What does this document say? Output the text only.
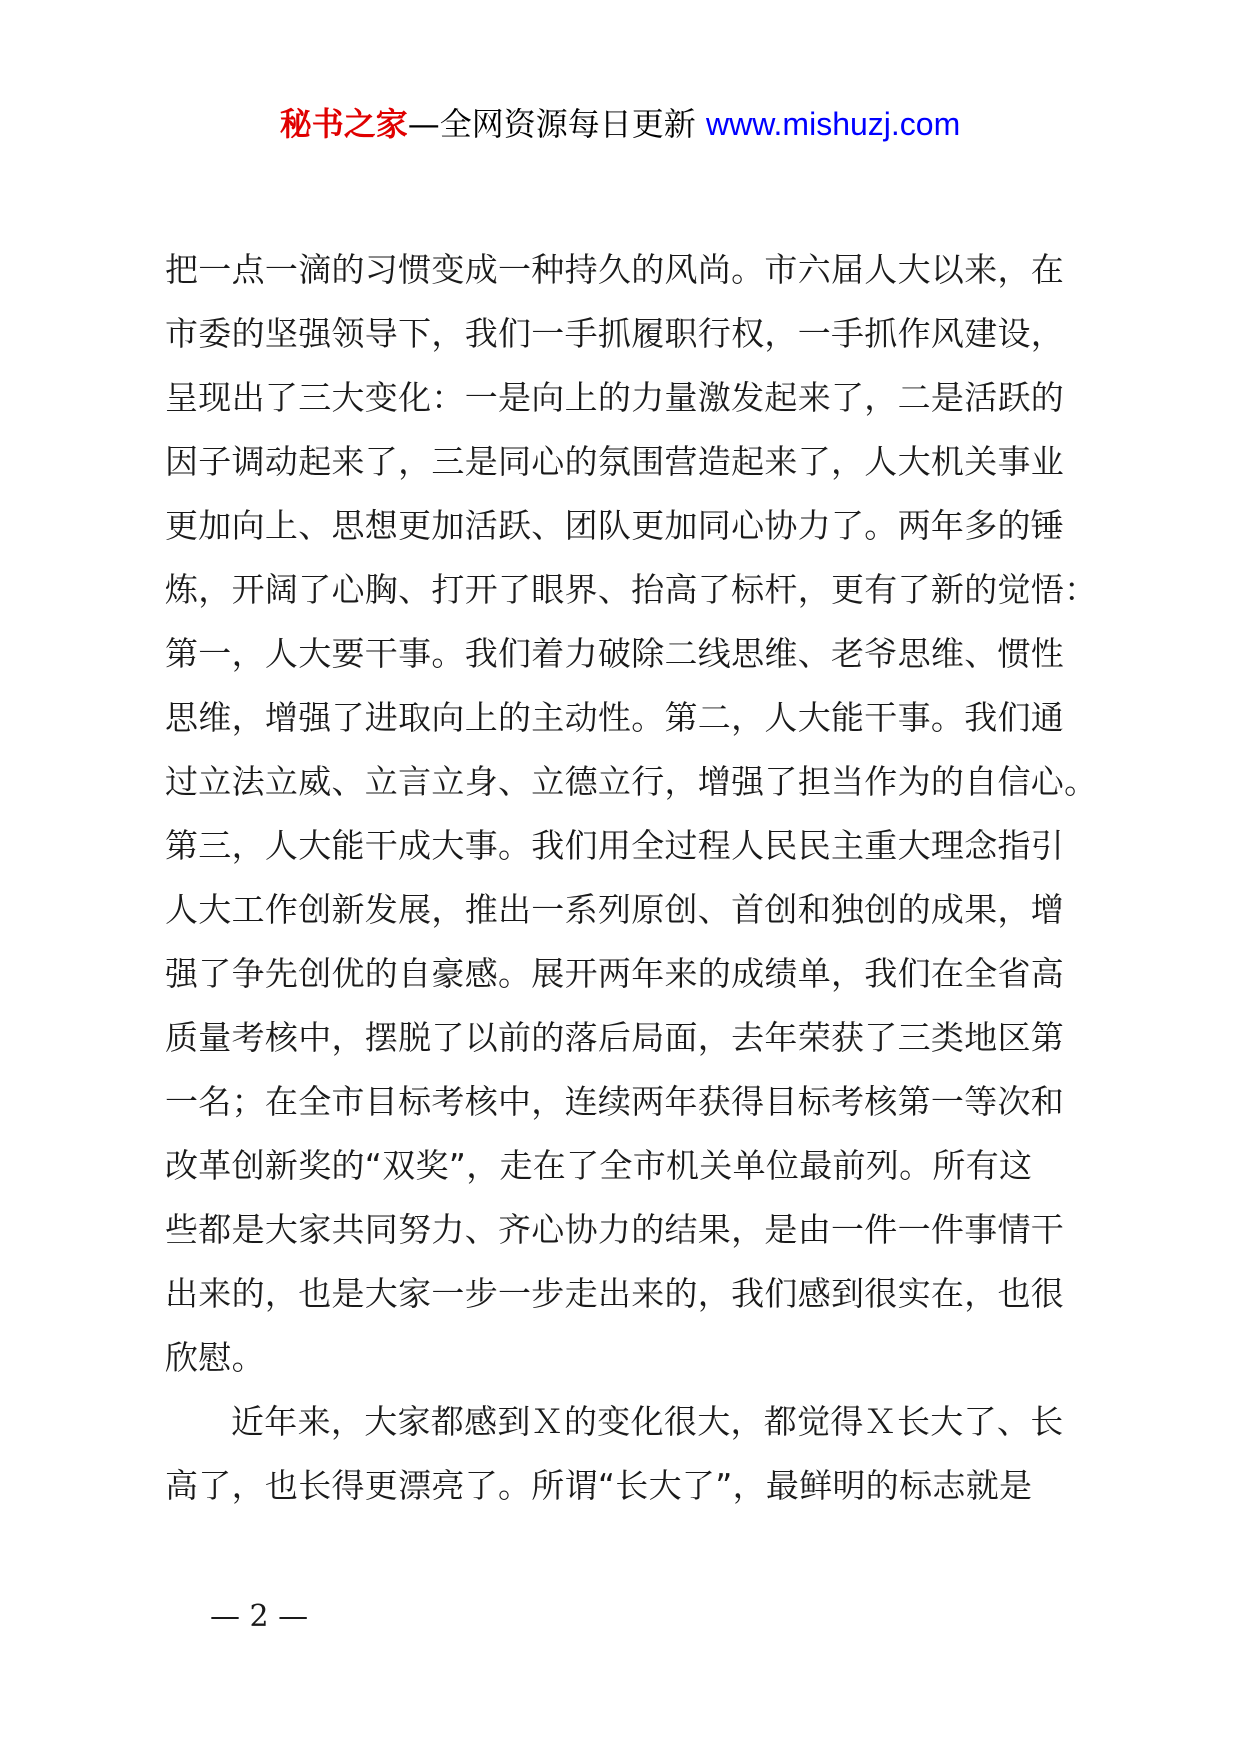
秘书之家—全网资源每日更新 www.mishuzj.com
把一点一滴的习惯变成一种持久的风尚。市六届人大以来，在
市委的坚强领导下，我们一手抓履职行权，一手抓作风建设，
呈现出了三大变化：一是向上的力量激发起来了，二是活跃的
因子调动起来了，三是同心的氛围营造起来了，人大机关事业
更加向上、思想更加活跃、团队更加同心协力了。两年多的锤
炼，开阔了心胸、打开了眼界、抬高了标杆，更有了新的觉悟：
第一，人大要干事。我们着力破除二线思维、老爷思维、惯性
思维，增强了进取向上的主动性。第二，人大能干事。我们通
过立法立威、立言立身、立德立行，增强了担当作为的自信心。
第三，人大能干成大事。我们用全过程人民民主重大理念指引
人大工作创新发展，推出一系列原创、首创和独创的成果，增
强了争先创优的自豪感。展开两年来的成绩单，我们在全省高
质量考核中，摆脱了以前的落后局面，去年荣获了三类地区第
一名；在全市目标考核中，连续两年获得目标考核第一等次和
改革创新奖的“双奖”，走在了全市机关单位最前列。所有这
些都是大家共同努力、齐心协力的结果，是由一件一件事情干
出来的，也是大家一步一步走出来的，我们感到很实在，也很
欣慰。
近年来，大家都感到Ｘ的变化很大，都觉得Ｘ长大了、长
高了，也长得更漂亮了。所谓“长大了”，最鲜明的标志就是
— 2 —
